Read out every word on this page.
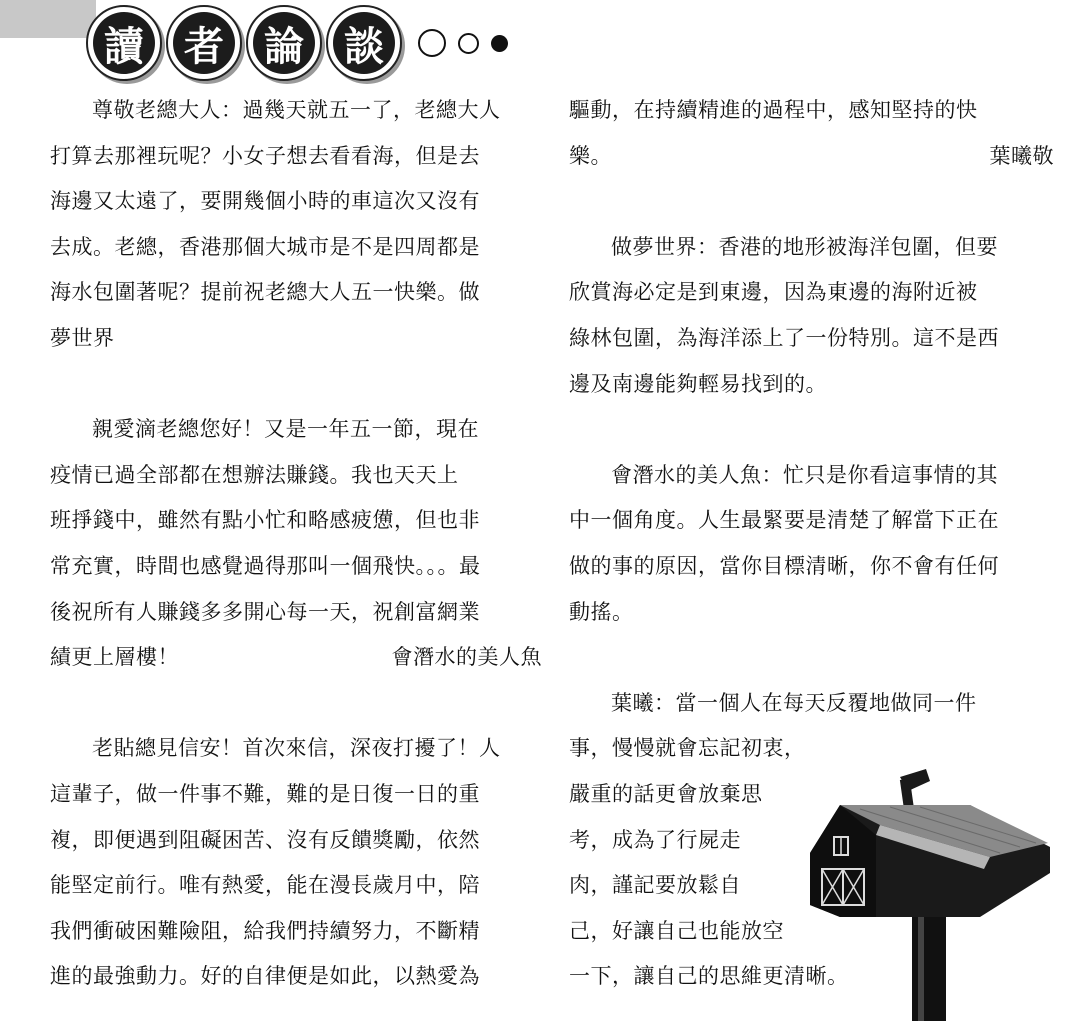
讀 者 論 談

尊敬老總大人：過幾天就五一了，老總大人

打算去那裡玩呢？小女子想去看看海，但是去

海邊又太遠了，要開幾個小時的車這次又沒有

去成。老總，香港那個大城市是不是四周都是

海水包圍著呢？提前祝老總大人五一快樂。做

夢世界

親愛滴老總您好！又是一年五一節，現在

疫情已過全部都在想辦法賺錢。我也天天上

班掙錢中，雖然有點小忙和略感疲憊，但也非

常充實，時間也感覺過得那叫一個飛快。。。最

後祝所有人賺錢多多開心每一天，祝創富網業

績更上層樓！	會潛水的美人魚

老貼總見信安！首次來信，深夜打擾了！人

這輩子，做一件事不難，難的是日復一日的重

複，即便遇到阻礙困苦、沒有反饋獎勵，依然

能堅定前行。唯有熱愛，能在漫長歲月中，陪

我們衝破困難險阻，給我們持續努力，不斷精

進的最強動力。好的自律便是如此，以熱愛為

驅動，在持續精進的過程中，感知堅持的快

樂。	葉曦敬

做夢世界：香港的地形被海洋包圍，但要

欣賞海必定是到東邊，因為東邊的海附近被

綠林包圍，為海洋添上了一份特別。這不是西

邊及南邊能夠輕易找到的。

會潛水的美人魚：忙只是你看這事情的其

中一個角度。人生最緊要是清楚了解當下正在

做的事的原因，當你目標清晰，你不會有任何

動搖。

葉曦：當一個人在每天反覆地做同一件

事，慢慢就會忘記初衷，

嚴重的話更會放棄思

考，成為了行屍走

肉，謹記要放鬆自

己，好讓自己也能放空

一下，讓自己的思維更清晰。
